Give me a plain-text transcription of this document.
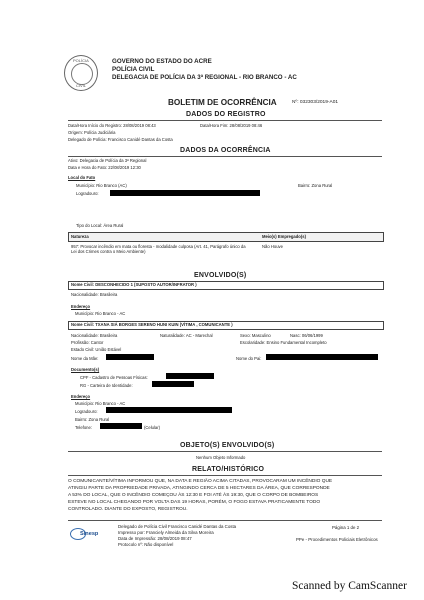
POLÍCIA
CIVIL
GOVERNO DO ESTADO DO ACRE
POLÍCIA CIVIL
DELEGACIA DE POLÍCIA DA 3ª REGIONAL - RIO BRANCO - AC
BOLETIM DE OCORRÊNCIA	Nº: 032303/2019-A01
DADOS DO REGISTRO
Data/Hora Início do Registro: 28/08/2019 08:43	Data/Hora Fim: 28/08/2019 08:46
Origem: Polícia Judiciária
Delegado de Polícia: Francisco Canidé Dantas da Costa
DADOS DA OCORRÊNCIA
Ativo: Delegacia de Polícia da 3ª Regional
Data e Hora do Fato: 22/08/2019 12:30
Local do Fato
Município: Rio Branco (AC)	Bairro: Zona Rural
Logradouro:
Tipo do Local: Área Rural
Natureza	Meio(s) Empregado(s)
957: Provocar incêndio em mata ou floresta - modalidade culposa (Art. 41, Parágrafo único da Lei dos Crimes contra o Meio Ambiente)
Não Houve
ENVOLVIDO(S)
Nome Civil: DESCONHECIDO 1 (SUPOSTO AUTOR/INFRATOR )
Nacionalidade: Brasileira
Endereço
Município: Rio Branco - AC
Nome Civil: TXANA SIÁ BORGES SERENO HUNI KUIN (VÍTIMA , COMUNICANTE )
Nacionalidade: Brasileira	Naturalidade: AC - Marechal	Sexo: Masculino	Nasc: 06/06/1999
Profissão: Cantor	Escolaridade: Ensino Fundamental Incompleto
Estado Civil: União Estável
Nome da Mãe:	Nome do Pai:
Documento(s)
CPF - Cadastro de Pessoas Físicas:
RG - Carteira de Identidade:
Endereço
Município: Rio Branco - AC
Logradouro:
Bairro: Zona Rural
Telefone:	(Celular)
OBJETO(S) ENVOLVIDO(S)
Nenhum Objeto Informado
RELATO/HISTÓRICO
O COMUNICANTE/VÍTIMA INFORMOU QUE, NA DATA E REGIÃO ACIMA CITADAS, PROVOCARAM UM INCÊNDIO QUE
ATINGIU PARTE DA PROPRIEDADE PRIVADA, ATINGINDO CERCA DE 5 HECTARES DA ÁREA, QUE CORRESPONDE
A 53% DO LOCAL, QUE O INCÊNDIO COMEÇOU ÀS 12:30 E FOI ATÉ ÀS 19:30, QUE O CORPO DE BOMBEIROS
ESTEVE NO LOCAL CHEGANDO POR VOLTA DAS 19 HORAS, PORÉM, O FOGO ESTAVA PRATICAMENTE TODO
CONTROLADO. DIANTE DO EXPOSTO, REGISTROU.
Sinesp
Delegado de Polícia Civil Francisco Canidé Dantas da Costa
Impresso por: Franciely Almeida da Silva Moreira
Data de Impressão: 28/08/2019 08:47
Protocolo nº: Não disponível
Página 1 de 2
PPe - Procedimentos Policiais Eletrônicos
Scanned by CamScanner
